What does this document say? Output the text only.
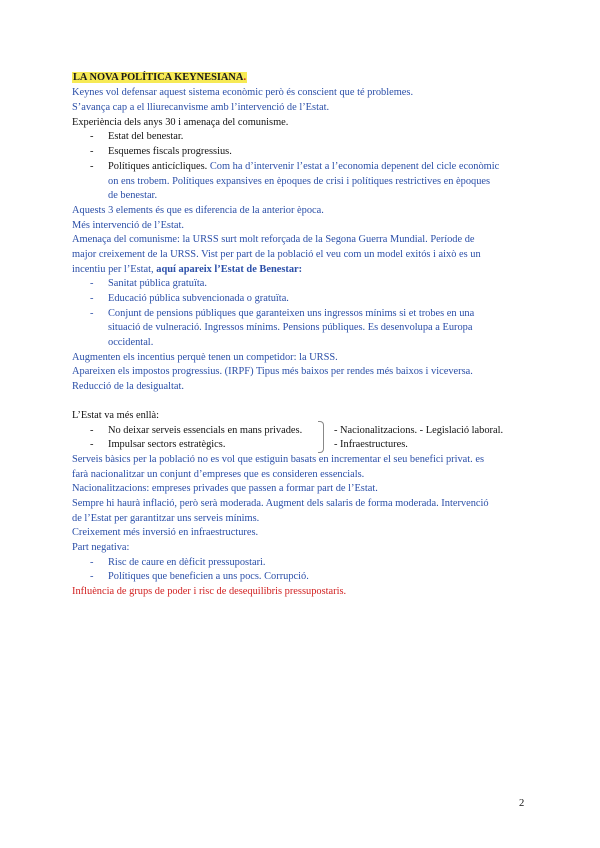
LA NOVA POLÍTICA KEYNESIANA.
Keynes vol defensar aquest sistema econòmic però és conscient que té problemes.
S’avança cap a el lliurecanvisme amb l’intervenció de l’Estat.
Experiència dels anys 30 i amenaça del comunisme.
- Estat del benestar.
- Esquemes fiscals progressius.
- Polítiques anticícliques. Com ha d’intervenir l’estat a l’economia depenent del cicle econòmic
on ens trobem. Polítiques expansives en èpoques de crisi i polítiques restrictives en èpoques
de benestar.
Aquests 3 elements és que es diferencia de la anterior època.
Més intervenció de l’Estat.
Amenaça del comunisme: la URSS surt molt reforçada de la Segona Guerra Mundial. Període de
major creixement de la URSS. Vist per part de la població el veu com un model exitós i això es un
incentiu per l’Estat, aquí apareix l’Estat de Benestar:
- Sanitat pública gratuïta.
- Educació pública subvencionada o gratuïta.
- Conjunt de pensions públiques que garanteixen uns ingressos mínims si et trobes en una
situació de vulneració. Ingressos mínims. Pensions públiques. Es desenvolupa a Europa
occidental.
Augmenten els incentius perquè tenen un competidor: la URSS.
Apareixen els impostos progressius. (IRPF) Tipus més baixos per rendes més baixos i viceversa.
Reducció de la desigualtat.
L’Estat va més enllà:
- No deixar serveis essencials en mans privades.	- Nacionalitzacions. - Legislació laboral.
- Impulsar sectors estratègics.	- Infraestructures.
Serveis bàsics per la població no es vol que estiguin basats en incrementar el seu benefici privat. es
farà nacionalitzar un conjunt d’empreses que es consideren essencials.
Nacionalitzacions: empreses privades que passen a formar part de l’Estat.
Sempre hi haurà inflació, però serà moderada. Augment dels salaris de forma moderada. Intervenció
de l’Estat per garantitzar uns serveis mínims.
Creixement més inversió en infraestructures.
Part negativa:
- Risc de caure en dèficit pressupostari.
- Polítiques que beneficien a uns pocs. Corrupció.
Influència de grups de poder i risc de desequilibris pressupostaris.
2
